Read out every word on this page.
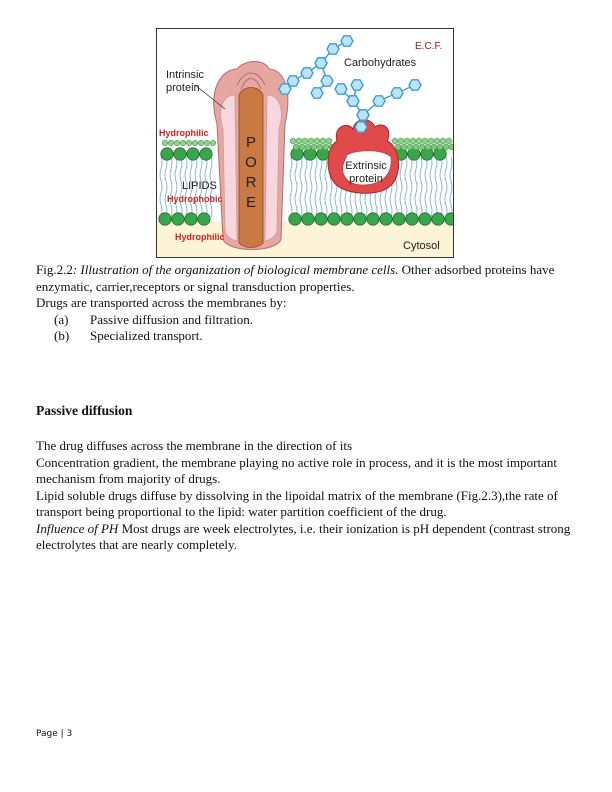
P
O
R
E
E.C.F.
Carbohydrates
Intrinsic
protein
Hydrophilic
LIPIDS
Hydrophobic
Hydrophilic
Extrinsic
protein
Cytosol
Fig.2.2: Illustration of the organization of biological membrane cells. Other adsorbed proteins have enzymatic, carrier,receptors or signal transduction properties.
Drugs are transported across the membranes by:
(a)	Passive diffusion and filtration.
(b)	Specialized transport.
Passive diffusion

The drug diffuses across the membrane in the direction of its

Concentration gradient, the membrane playing no active role in process, and it is the most important mechanism from majority of drugs.

Lipid soluble drugs diffuse by dissolving in the lipoidal matrix of the membrane (Fig.2.3),the rate of transport being proportional to the lipid: water partition coefficient of the drug.

Influence of PH Most drugs are week electrolytes, i.e. their ionization is pH dependent (contrast strong electrolytes that are nearly completely.

Page | 3
